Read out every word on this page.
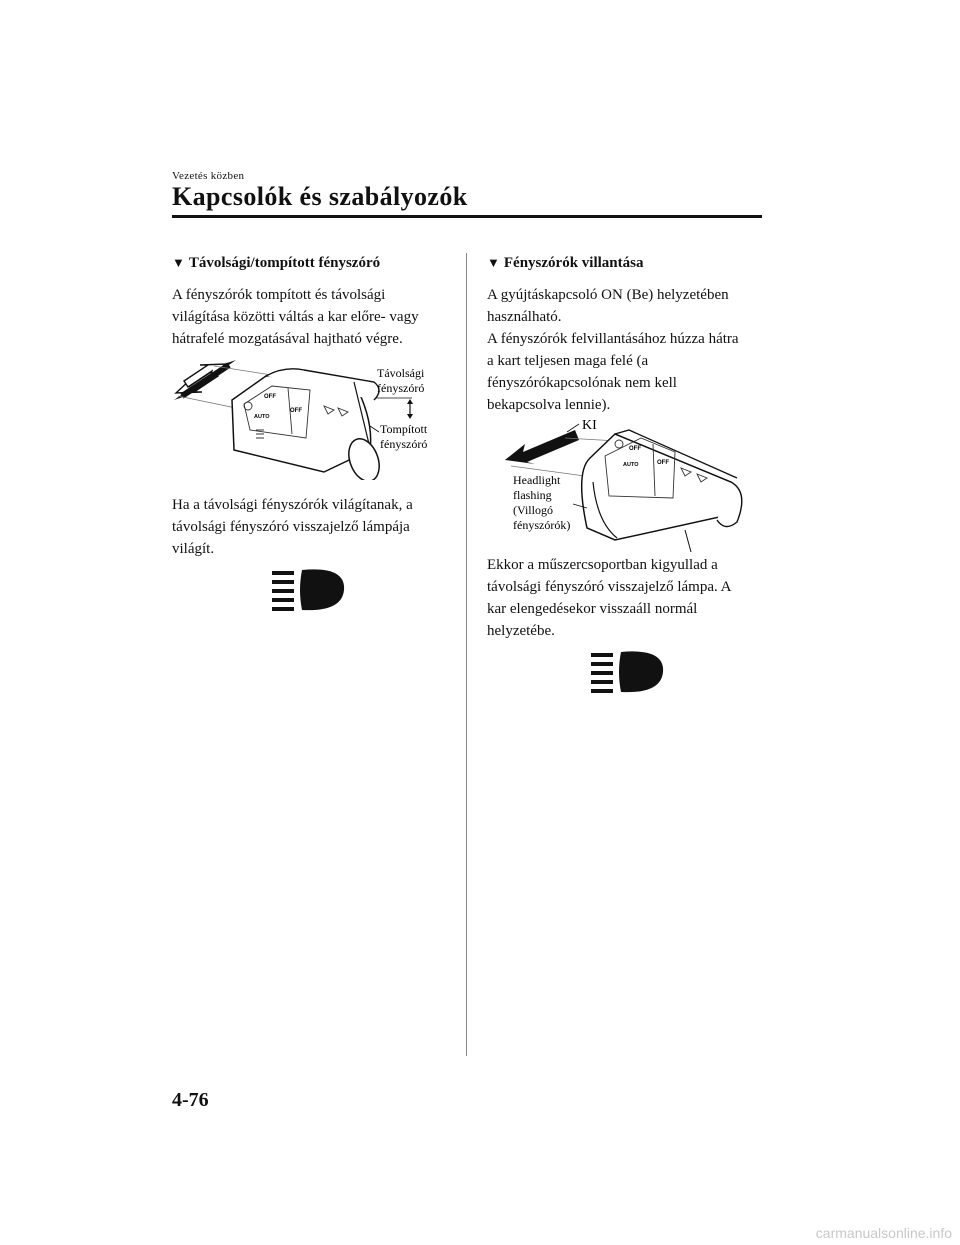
Vezetés közben
Kapcsolók és szabályozók
▼ Távolsági/tompított fényszóró
A fényszórók tompított és távolsági
világítása közötti váltás a kar előre- vagy
hátrafelé mozgatásával hajtható végre.
OFF
AUTO
OFF
Távolsági
fényszóró
Tompított
fényszóró
Ha a távolsági fényszórók világítanak, a
távolsági fényszóró visszajelző lámpája
világít.
▼ Fényszórók villantása
A gyújtáskapcsoló ON (Be) helyzetében
használható.
A fényszórók felvillantásához húzza hátra
a kart teljesen maga felé (a
fényszórókapcsolónak nem kell
bekapcsolva lennie).
KI
OFF
AUTO	OFF
Headlight
flashing
(Villogó
fényszórók)
Ekkor a műszercsoportban kigyullad a
távolsági fényszóró visszajelző lámpa. A
kar elengedésekor visszaáll normál
helyzetébe.
4-76
carmanualsonline.info
